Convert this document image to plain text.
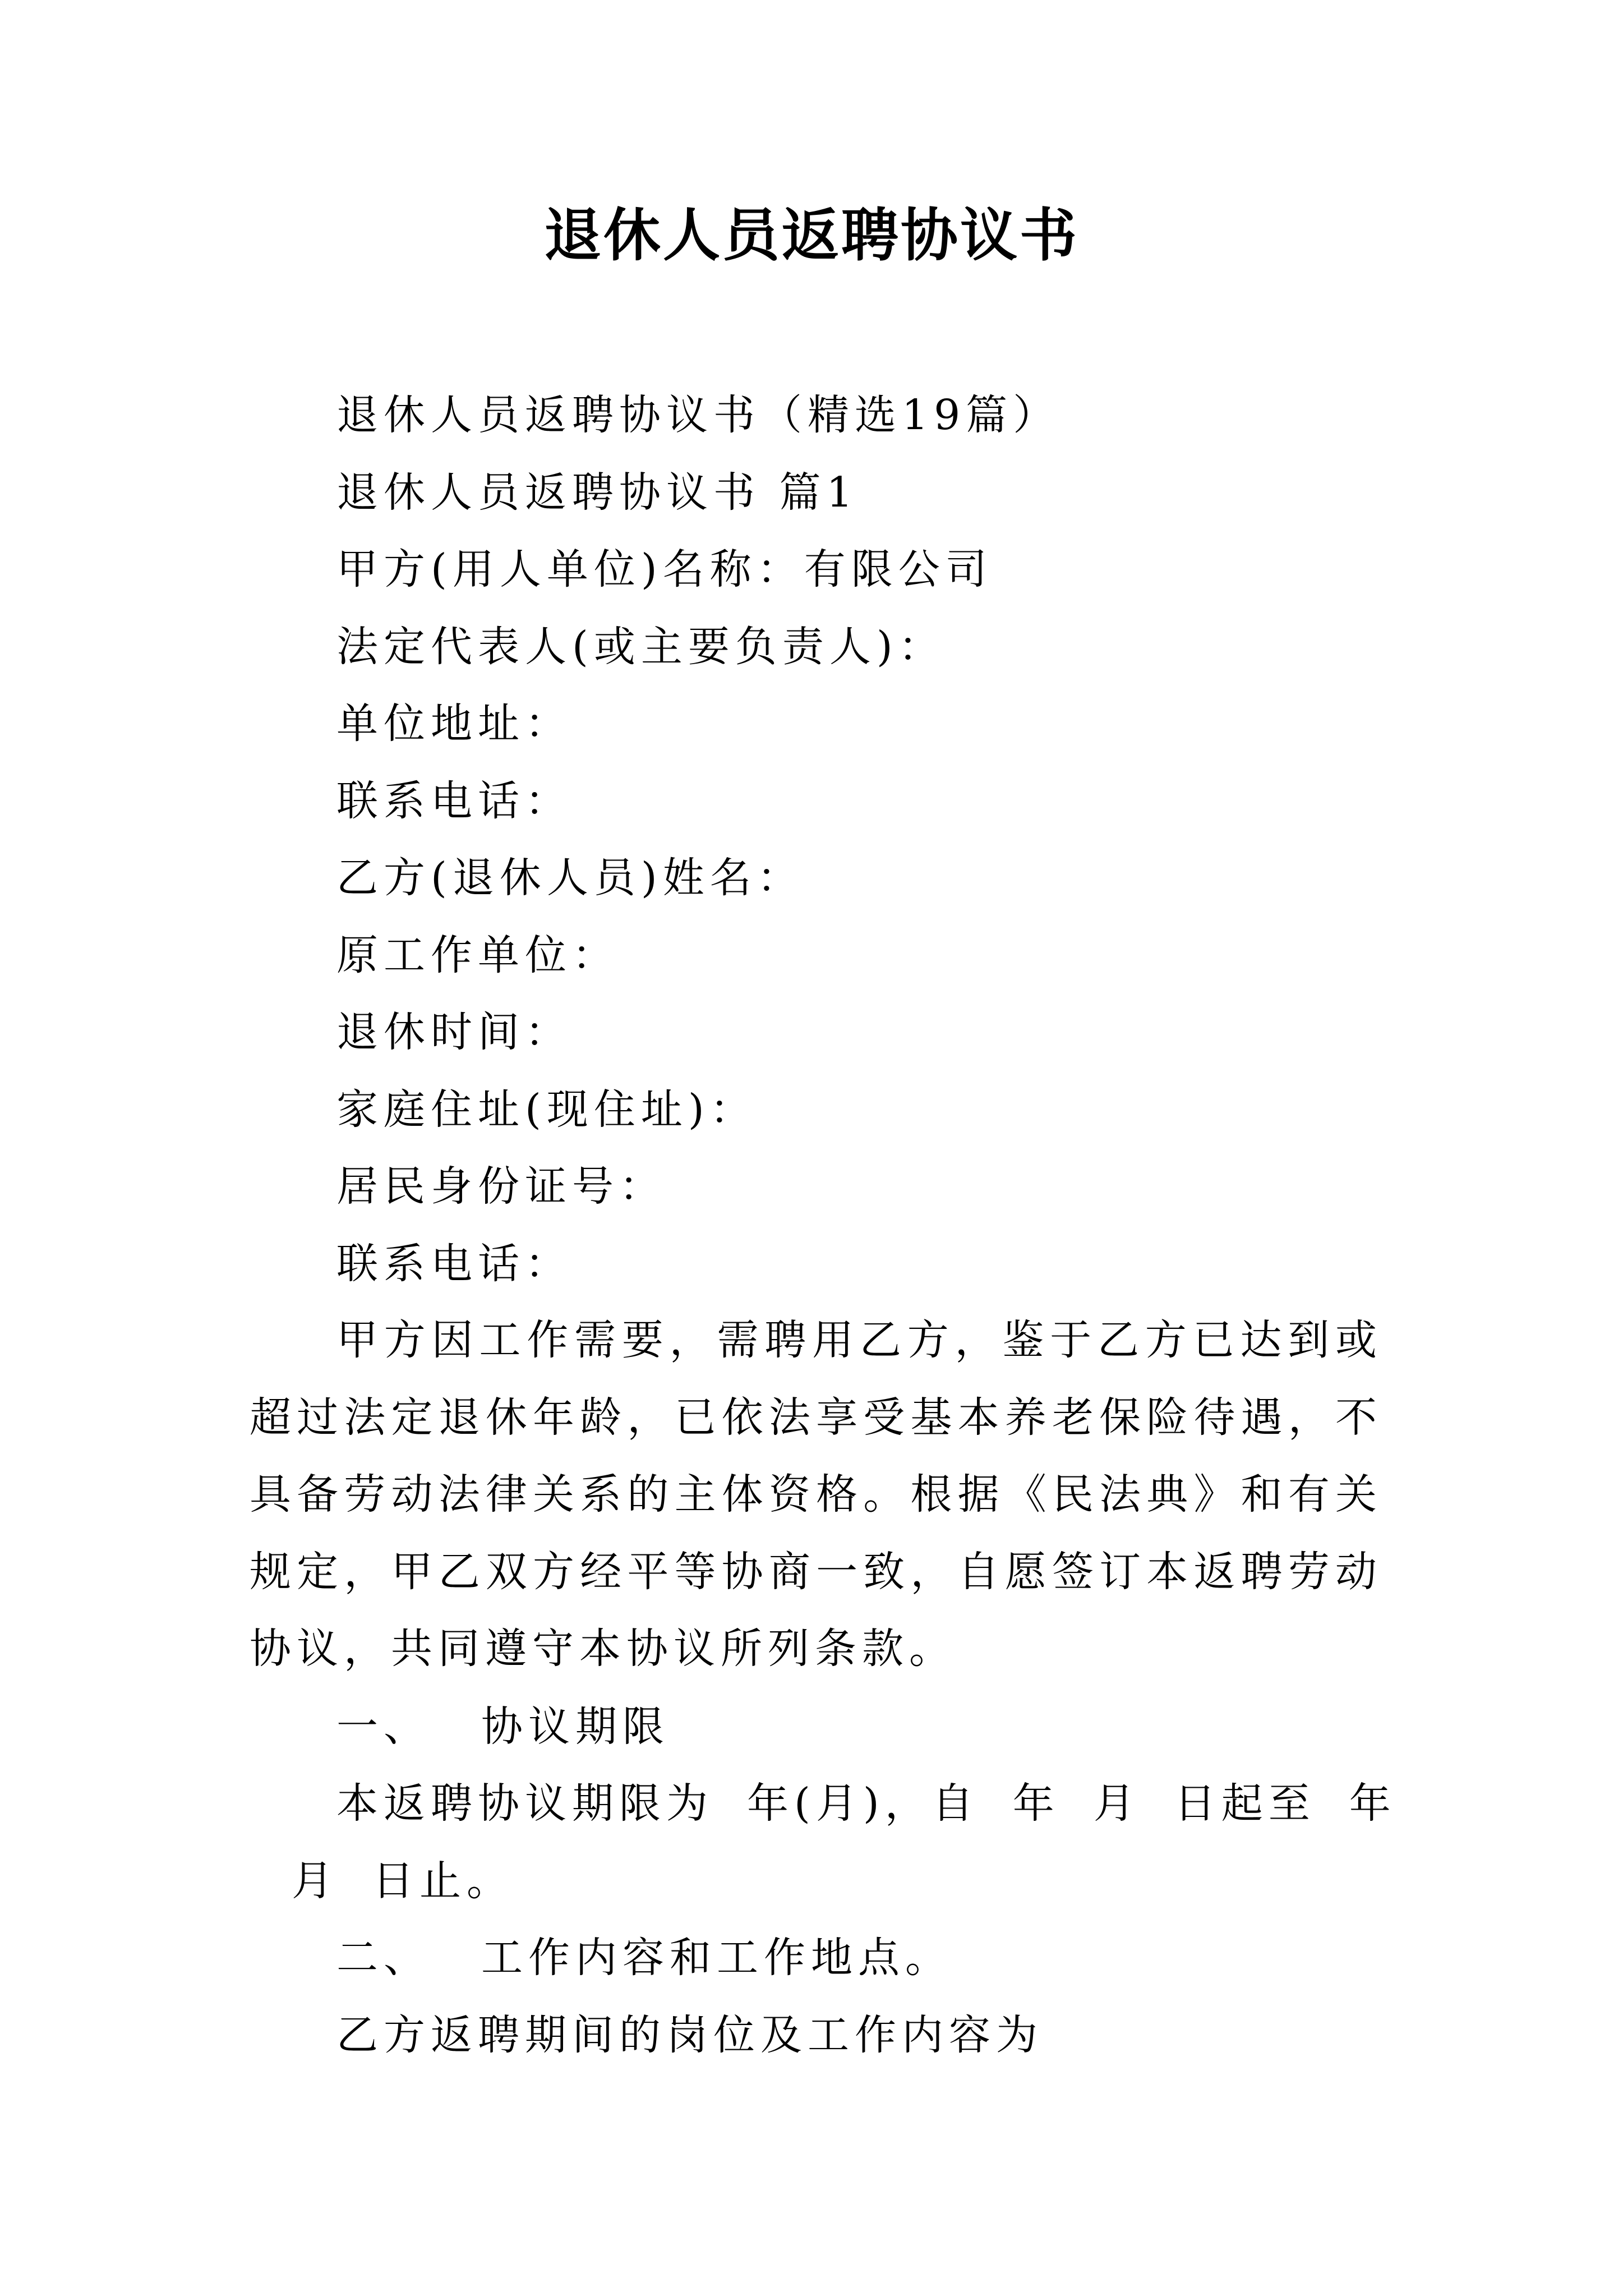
退休人员返聘协议书
退休人员返聘协议书（精选19篇）
退休人员返聘协议书 篇1
甲方(用人单位)名称：有限公司
法定代表人(或主要负责人)：
单位地址：
联系电话：
乙方(退休人员)姓名：
原工作单位：
退休时间：
家庭住址(现住址)：
居民身份证号：
联系电话：
甲方因工作需要，需聘用乙方，鉴于乙方已达到或超过法定退休年龄，已依法享受基本养老保险待遇，不具备劳动法律关系的主体资格。根据《民法典》和有关规定，甲乙双方经平等协商一致，自愿签订本返聘劳动协议，共同遵守本协议所列条款。
一、 协议期限
本返聘协议期限为 年(月)，自 年 月 日起至 年
月 日止。
二、 工作内容和工作地点。
乙方返聘期间的岗位及工作内容为
